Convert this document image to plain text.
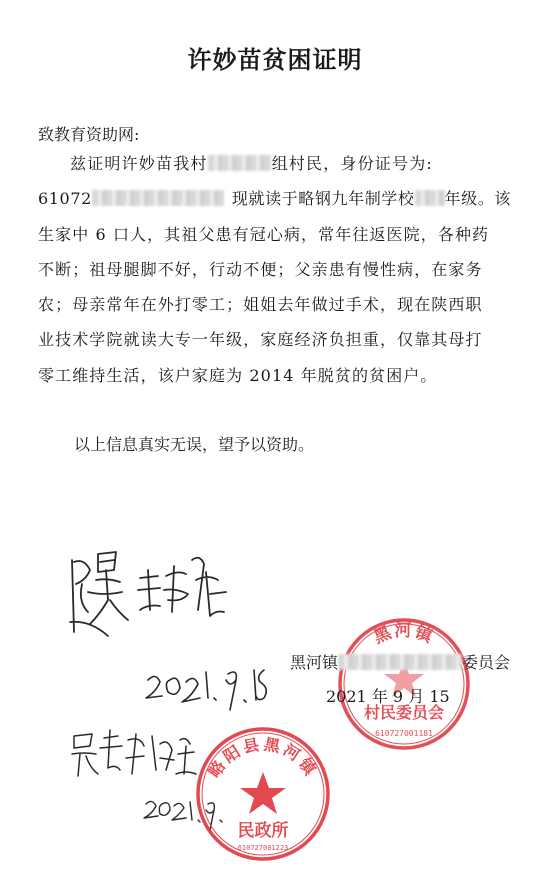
许妙苗贫困证明
致教育资助网:
兹证明许妙苗我村	组村民，身份证号为:
61072	现就读于略钢九年制学校 年级。该
生家中 6 口人，其祖父患有冠心病，常年往返医院，各种药
不断；祖母腿脚不好，行动不便；父亲患有慢性病，在家务
农；母亲常年在外打零工；姐姐去年做过手术，现在陕西职
业技术学院就读大专一年级，家庭经济负担重，仅靠其母打
零工维持生活，该户家庭为 2014 年脱贫的贫困户。
以上信息真实无误，望予以资助。
黑河镇
村民委员会
610727001181
黑河镇	委员会
2021 年 9 月 15
略阳县黑河镇
民政所
610727001223
